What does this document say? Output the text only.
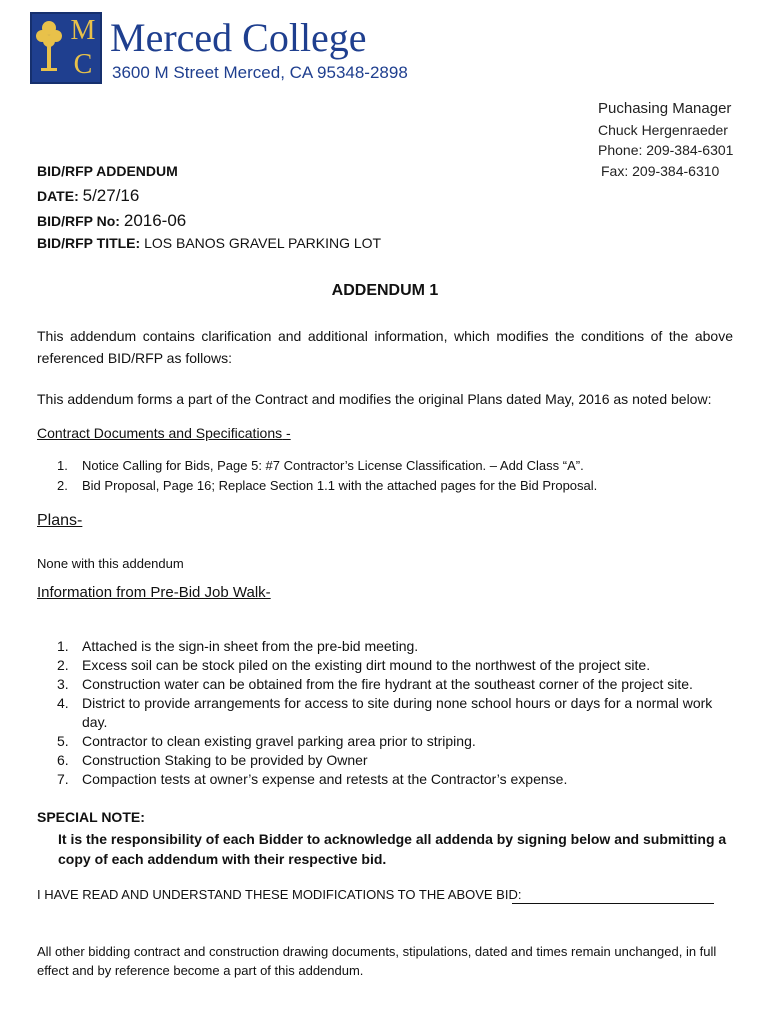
MC
Merced College
3600 M Street Merced, CA 95348-2898
Puchasing Manager
Chuck Hergenraeder
Phone: 209-384-6301
Fax: 209-384-6310
BID/RFP ADDENDUM
DATE: 5/27/16
BID/RFP No: 2016-06
BID/RFP TITLE: LOS BANOS GRAVEL PARKING LOT
ADDENDUM 1
This addendum contains clarification and additional information, which modifies the conditions of the above referenced BID/RFP as follows:
This addendum forms a part of the Contract and modifies the original Plans dated May, 2016 as noted below:
Contract Documents and Specifications -
1. Notice Calling for Bids, Page 5: #7 Contractor’s License Classification. – Add Class “A”.
2. Bid Proposal, Page 16; Replace Section 1.1 with the attached pages for the Bid Proposal.
Plans-
None with this addendum
Information from Pre-Bid Job Walk-
1. Attached is the sign-in sheet from the pre-bid meeting.
2. Excess soil can be stock piled on the existing dirt mound to the northwest of the project site.
3. Construction water can be obtained from the fire hydrant at the southeast corner of the project site.
4. District to provide arrangements for access to site during none school hours or days for a normal work day.
5. Contractor to clean existing gravel parking area prior to striping.
6. Construction Staking to be provided by Owner
7. Compaction tests at owner’s expense and retests at the Contractor’s expense.
SPECIAL NOTE:
It is the responsibility of each Bidder to acknowledge all addenda by signing below and submitting a copy of each addendum with their respective bid.
I HAVE READ AND UNDERSTAND THESE MODIFICATIONS TO THE ABOVE BID:
All other bidding contract and construction drawing documents, stipulations, dated and times remain unchanged, in full effect and by reference become a part of this addendum.
